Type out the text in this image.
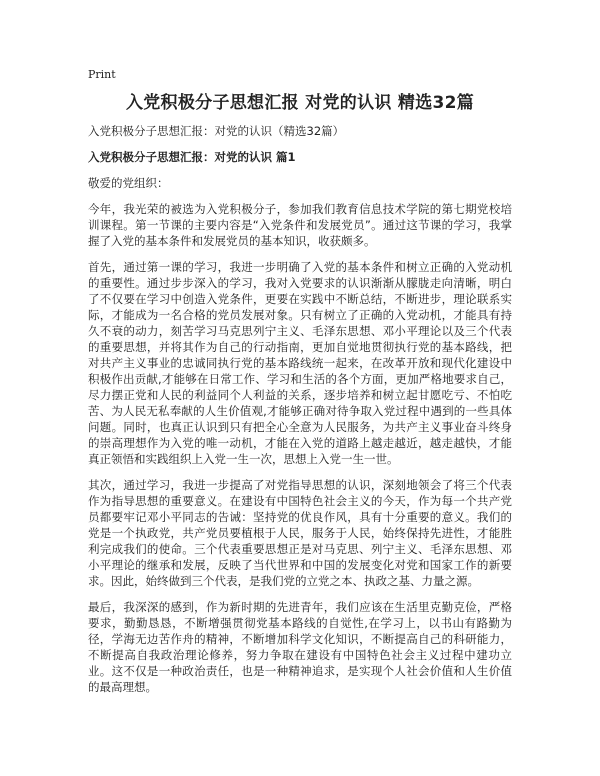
Print
入党积极分子思想汇报 对党的认识 精选32篇

入党积极分子思想汇报：对党的认识（精选32篇）

入党积极分子思想汇报：对党的认识 篇1

敬爱的党组织：

今年，我光荣的被选为入党积极分子，参加我们教育信息技术学院的第七期党校培训课程。第一节课的主要内容是“入党条件和发展党员”。通过这节课的学习，我掌握了入党的基本条件和发展党员的基本知识，收获颇多。

首先，通过第一课的学习，我进一步明确了入党的基本条件和树立正确的入党动机的重要性。通过步步深入的学习，我对入党要求的认识渐渐从朦胧走向清晰，明白了不仅要在学习中创造入党条件，更要在实践中不断总结，不断进步，理论联系实际，才能成为一名合格的党员发展对象。只有树立了正确的入党动机，才能具有持久不衰的动力，刻苦学习马克思列宁主义、毛泽东思想、邓小平理论以及三个代表的重要思想，并将其作为自己的行动指南，更加自觉地贯彻执行党的基本路线，把对共产主义事业的忠诚同执行党的基本路线统一起来，在改革开放和现代化建设中积极作出贡献,才能够在日常工作、学习和生活的各个方面，更加严格地要求自己，尽力摆正党和人民的利益同个人利益的关系，逐步培养和树立起甘愿吃亏、不怕吃苦、为人民无私奉献的人生价值观,才能够正确对待争取入党过程中遇到的一些具体问题。同时，也真正认识到只有把全心全意为人民服务，为共产主义事业奋斗终身的崇高理想作为入党的唯一动机，才能在入党的道路上越走越近，越走越快，才能真正领悟和实践组织上入党一生一次，思想上入党一生一世。

其次，通过学习，我进一步提高了对党指导思想的认识，深刻地领会了将三个代表作为指导思想的重要意义。在建设有中国特色社会主义的今天，作为每一个共产党员都要牢记邓小平同志的告诫：坚持党的优良作风，具有十分重要的意义。我们的党是一个执政党，共产党员要植根于人民，服务于人民，始终保持先进性，才能胜利完成我们的使命。三个代表重要思想正是对马克思、列宁主义、毛泽东思想、邓小平理论的继承和发展，反映了当代世界和中国的发展变化对党和国家工作的新要求。因此，始终做到三个代表，是我们党的立党之本、执政之基、力量之源。

最后，我深深的感到，作为新时期的先进青年，我们应该在生活里克勤克俭，严格要求，勤勤恳恳，不断增强贯彻党基本路线的自觉性,在学习上，以书山有路勤为径，学海无边苦作舟的精神，不断增加科学文化知识，不断提高自己的科研能力，不断提高自我政治理论修养，努力争取在建设有中国特色社会主义过程中建功立业。这不仅是一种政治责任，也是一种精神追求，是实现个人社会价值和人生价值的最高理想。
